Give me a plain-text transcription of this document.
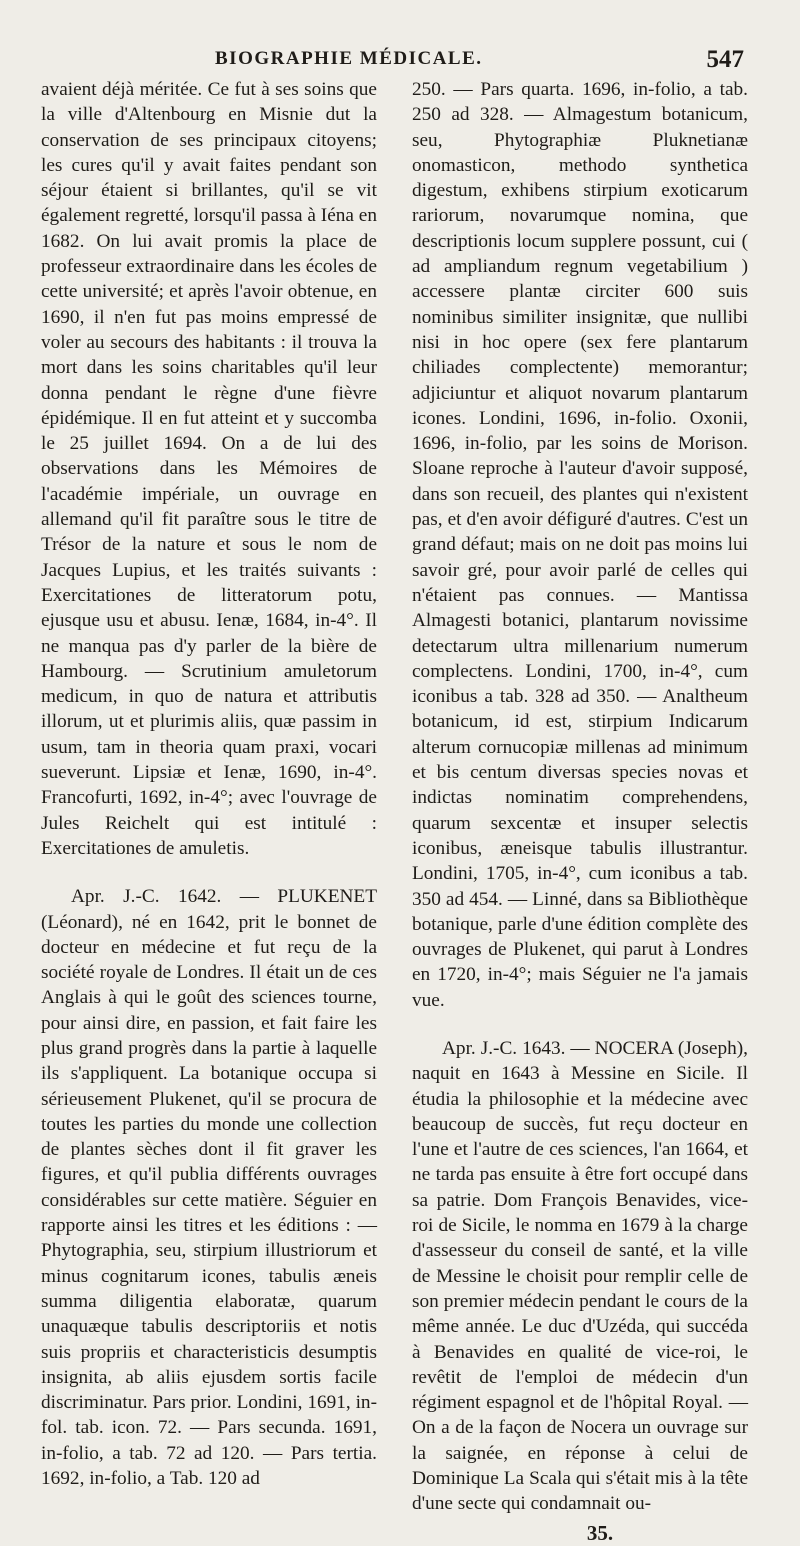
BIOGRAPHIE MÉDICALE.	547

avaient déjà méritée. Ce fut à ses soins que la ville d'Altenbourg en Misnie dut la conservation de ses principaux citoyens; les cures qu'il y avait faites pendant son séjour étaient si brillantes, qu'il se vit également regretté, lorsqu'il passa à Iéna en 1682. On lui avait promis la place de professeur extraordinaire dans les écoles de cette université; et après l'avoir obtenue, en 1690, il n'en fut pas moins empressé de voler au secours des habitants : il trouva la mort dans les soins charitables qu'il leur donna pendant le règne d'une fièvre épidémique. Il en fut atteint et y succomba le 25 juillet 1694. On a de lui des observations dans les Mémoires de l'académie impériale, un ouvrage en allemand qu'il fit paraître sous le titre de Trésor de la nature et sous le nom de Jacques Lupius, et les traités suivants : Exercitationes de litteratorum potu, ejusque usu et abusu. Ienæ, 1684, in-4°. Il ne manqua pas d'y parler de la bière de Hambourg. — Scrutinium amuletorum medicum, in quo de natura et attributis illorum, ut et plurimis aliis, quæ passim in usum, tam in theoria quam praxi, vocari sueverunt. Lipsiæ et Ienæ, 1690, in-4°. Francofurti, 1692, in-4°; avec l'ouvrage de Jules Reichelt qui est intitulé : Exercitationes de amuletis.

Apr. J.-C. 1642. — PLUKENET (Léonard), né en 1642, prit le bonnet de docteur en médecine et fut reçu de la société royale de Londres. Il était un de ces Anglais à qui le goût des sciences tourne, pour ainsi dire, en passion, et fait faire les plus grand progrès dans la partie à laquelle ils s'appliquent. La botanique occupa si sérieusement Plukenet, qu'il se procura de toutes les parties du monde une collection de plantes sèches dont il fit graver les figures, et qu'il publia différents ouvrages considérables sur cette matière. Séguier en rapporte ainsi les titres et les éditions : — Phytographia, seu, stirpium illustriorum et minus cognitarum icones, tabulis æneis summa diligentia elaboratæ, quarum unaquæque tabulis descriptoriis et notis suis propriis et characteristicis desumptis insignita, ab aliis ejusdem sortis facile discriminatur. Pars prior. Londini, 1691, in-fol. tab. icon. 72. — Pars secunda. 1691, in-folio, a tab. 72 ad 120. — Pars tertia. 1692, in-folio, a Tab. 120 ad

250. — Pars quarta. 1696, in-folio, a tab. 250 ad 328. — Almagestum botanicum, seu, Phytographiæ Pluknetianæ onomasticon, methodo synthetica digestum, exhibens stirpium exoticarum rariorum, novarumque nomina, que descriptionis locum supplere possunt, cui ( ad ampliandum regnum vegetabilium ) accessere plantæ circiter 600 suis nominibus similiter insignitæ, que nullibi nisi in hoc opere (sex fere plantarum chiliades complectente) memorantur; adjiciuntur et aliquot novarum plantarum icones. Londini, 1696, in-folio. Oxonii, 1696, in-folio, par les soins de Morison. Sloane reproche à l'auteur d'avoir supposé, dans son recueil, des plantes qui n'existent pas, et d'en avoir défiguré d'autres. C'est un grand défaut; mais on ne doit pas moins lui savoir gré, pour avoir parlé de celles qui n'étaient pas connues. — Mantissa Almagesti botanici, plantarum novissime detectarum ultra millenarium numerum complectens. Londini, 1700, in-4°, cum iconibus a tab. 328 ad 350. — Analtheum botanicum, id est, stirpium Indicarum alterum cornucopiæ millenas ad minimum et bis centum diversas species novas et indictas nominatim comprehendens, quarum sexcentæ et insuper selectis iconibus, æneisque tabulis illustrantur. Londini, 1705, in-4°, cum iconibus a tab. 350 ad 454. — Linné, dans sa Bibliothèque botanique, parle d'une édition complète des ouvrages de Plukenet, qui parut à Londres en 1720, in-4°; mais Séguier ne l'a jamais vue.

Apr. J.-C. 1643. — NOCERA (Joseph), naquit en 1643 à Messine en Sicile. Il étudia la philosophie et la médecine avec beaucoup de succès, fut reçu docteur en l'une et l'autre de ces sciences, l'an 1664, et ne tarda pas ensuite à être fort occupé dans sa patrie. Dom François Benavides, vice-roi de Sicile, le nomma en 1679 à la charge d'assesseur du conseil de santé, et la ville de Messine le choisit pour remplir celle de son premier médecin pendant le cours de la même année. Le duc d'Uzéda, qui succéda à Benavides en qualité de vice-roi, le revêtit de l'emploi de médecin d'un régiment espagnol et de l'hôpital Royal. — On a de la façon de Nocera un ouvrage sur la saignée, en réponse à celui de Dominique La Scala qui s'était mis à la tête d'une secte qui condamnait ou-

35.
